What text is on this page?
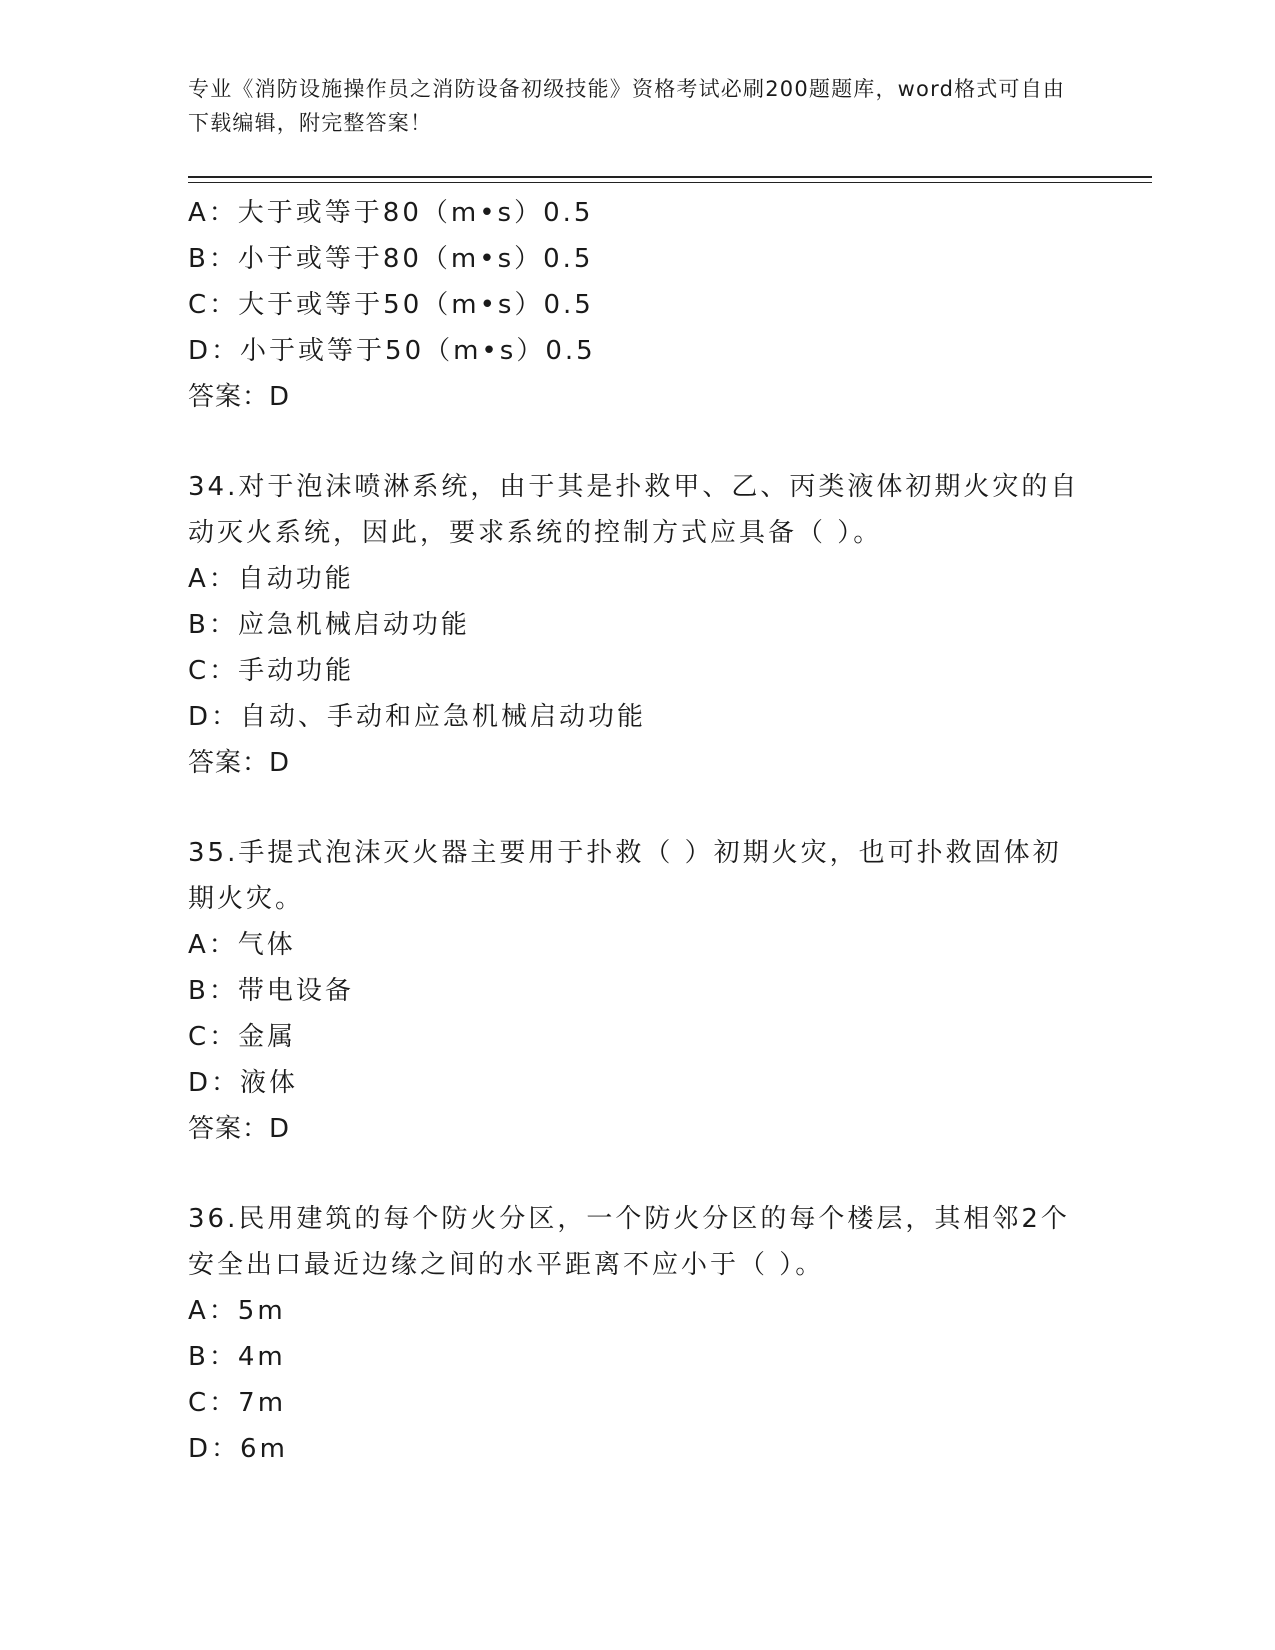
专业《消防设施操作员之消防设备初级技能》资格考试必刷200题题库，word格式可自由下载编辑，附完整答案！
A：大于或等于80（m•s）0.5
B：小于或等于80（m•s）0.5
C：大于或等于50（m•s）0.5
D：小于或等于50（m•s）0.5
答案：D
34.对于泡沫喷淋系统，由于其是扑救甲、乙、丙类液体初期火灾的自
动灭火系统，因此，要求系统的控制方式应具备（ ）。
A：自动功能
B：应急机械启动功能
C：手动功能
D：自动、手动和应急机械启动功能
答案：D
35.手提式泡沫灭火器主要用于扑救（ ）初期火灾，也可扑救固体初
期火灾。
A：气体
B：带电设备
C：金属
D：液体
答案：D
36.民用建筑的每个防火分区，一个防火分区的每个楼层，其相邻2个
安全出口最近边缘之间的水平距离不应小于（ ）。
A：5m
B：4m
C：7m
D：6m
